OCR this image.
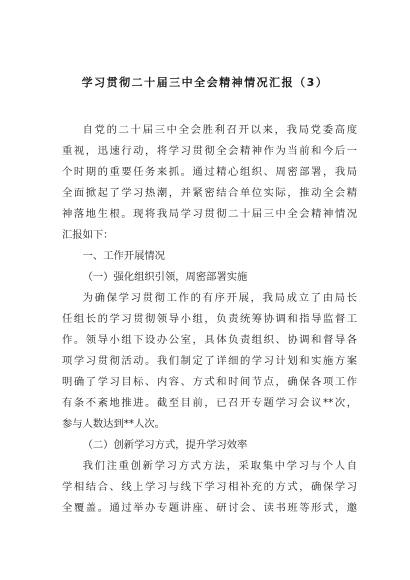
学习贯彻二十届三中全会精神情况汇报（3）
自党的二十届三中全会胜利召开以来，我局党委高度
重视，迅速行动，将学习贯彻全会精神作为当前和今后一
个时期的重要任务来抓。通过精心组织、周密部署，我局
全面掀起了学习热潮，并紧密结合单位实际，推动全会精
神落地生根。现将我局学习贯彻二十届三中全会精神情况
汇报如下：
一、工作开展情况
（一）强化组织引领，周密部署实施
为确保学习贯彻工作的有序开展，我局成立了由局长
任组长的学习贯彻领导小组，负责统筹协调和指导监督工
作。领导小组下设办公室，具体负责组织、协调和督导各
项学习贯彻活动。我们制定了详细的学习计划和实施方案
明确了学习目标、内容、方式和时间节点，确保各项工作
有条不紊地推进。截至目前，已召开专题学习会议**次，
参与人数达到**人次。
（二）创新学习方式，提升学习效率
我们注重创新学习方式方法，采取集中学习与个人自
学相结合、线上学习与线下学习相补充的方式，确保学习
全覆盖。通过举办专题讲座、研讨会、读书班等形式，邀
